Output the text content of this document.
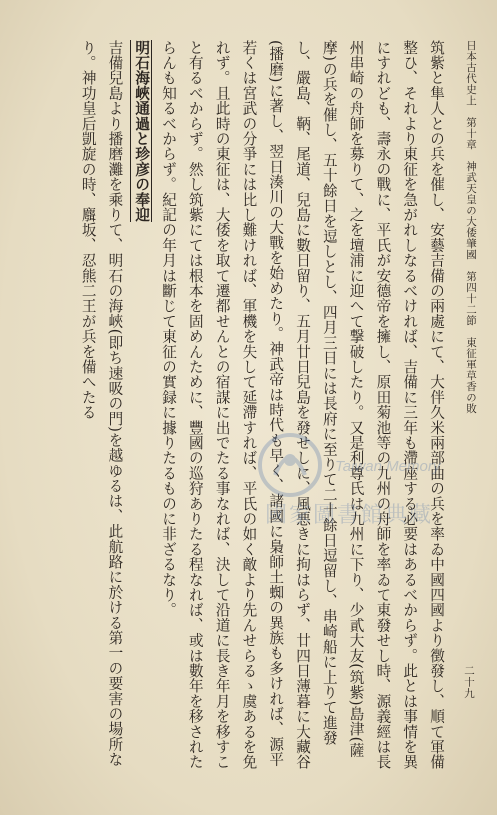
日本古代史上　第十章　神武天皇の大倭肇國　第四十二節　東征軍草香の敗
二十九

筑紫と隼人との兵を催し、安藝吉備の兩處にて、大伴久米兩部曲の兵を率ゐ中國四國より徴發し、順て軍備整ひ、それより東征を急がれしなるべければ、吉備に三年も滯座する必要はあるべからず。此とは事情を異にすれども、壽永の戰に、平氏が安德帝を擁し、原田菊池等の九州の舟師を率ゐて東發せし時、源義經は長州串崎の舟師を募りて、之を壇浦に迎へて撃破したり。又是利尊氏は九州に下り、少貳大友(筑紫)島津(薩摩)の兵を催し、五十餘日を逗しとし、四月三日には長府に至りて二十餘日逗留し、串崎船に上りて進發し、嚴島、鞆、尾道、兒島に數日留り、五月廿日兒島を發せしに、風悪きに拘はらず、廿四日薄暮に大藏谷(播磨)に著し、翌日湊川の大戰を始めたり。神武帝は時代も早く、諸國に梟師土蜘の異族も多ければ、源平若くは宮武の分爭には比し難ければ、軍機を失して延滯すれば、平氏の如く敵より先んせらるゝ虞あるを免れず。且此時の東征は、大倭を取て遷都せんとの宿謀に出でたる事なれば、決して沿道に長き年月を移すこと有るべからず。然し筑紫にては根本を固めんために、豐國の巡狩ありたる程なれば、或は數年を移されたらんも知るべからず。紀記の年月は斷じて東征の實録に據りたるものに非ざるなり。

明石海峽通過と珍彦の奉迎

吉備兒島より播磨灘を乘りて、明石の海峽(即ち速吸の門)を越ゆるは、此航路に於ける第一の要害の場所なり。神功皇后凱旋の時、麛坂、忍熊二王が兵を備へたる

Taiwan Memory
國家圖書館典藏
